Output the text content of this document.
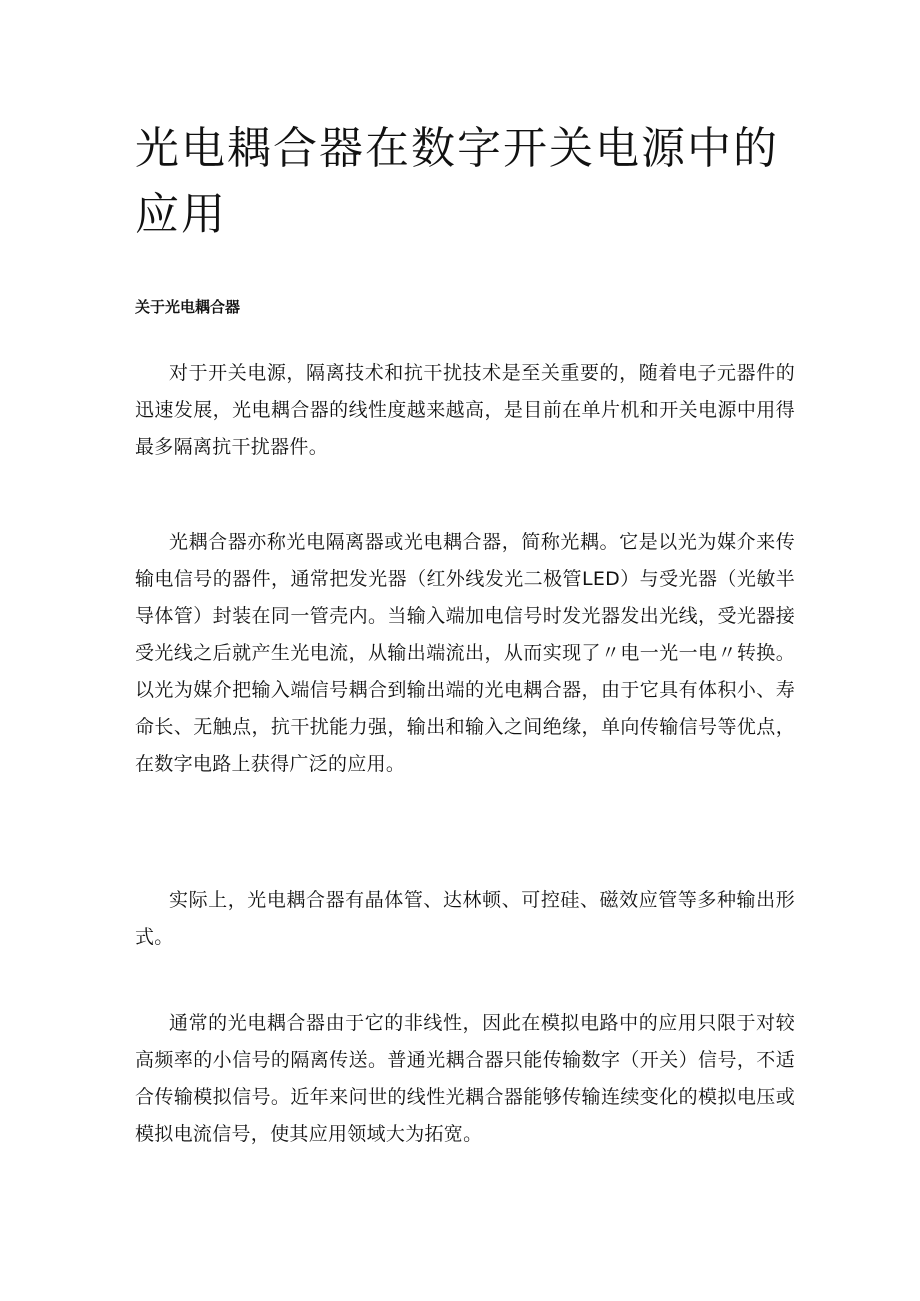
光电耦合器在数字开关电源中的应用
关于光电耦合器

对于开关电源，隔离技术和抗干扰技术是至关重要的，随着电子元器件的迅速发展，光电耦合器的线性度越来越高，是目前在单片机和开关电源中用得最多隔离抗干扰器件。

光耦合器亦称光电隔离器或光电耦合器，简称光耦。它是以光为媒介来传输电信号的器件，通常把发光器（红外线发光二极管LED）与受光器（光敏半导体管）封装在同一管壳内。当输入端加电信号时发光器发出光线，受光器接受光线之后就产生光电流，从输出端流出，从而实现了〃电一光一电〃转换。以光为媒介把输入端信号耦合到输出端的光电耦合器，由于它具有体积小、寿命长、无触点，抗干扰能力强，输出和输入之间绝缘，单向传输信号等优点，在数字电路上获得广泛的应用。

实际上，光电耦合器有晶体管、达林顿、可控硅、磁效应管等多种输出形式。

通常的光电耦合器由于它的非线性，因此在模拟电路中的应用只限于对较高频率的小信号的隔离传送。普通光耦合器只能传输数字（开关）信号，不适合传输模拟信号。近年来问世的线性光耦合器能够传输连续变化的模拟电压或模拟电流信号，使其应用领域大为拓宽。
